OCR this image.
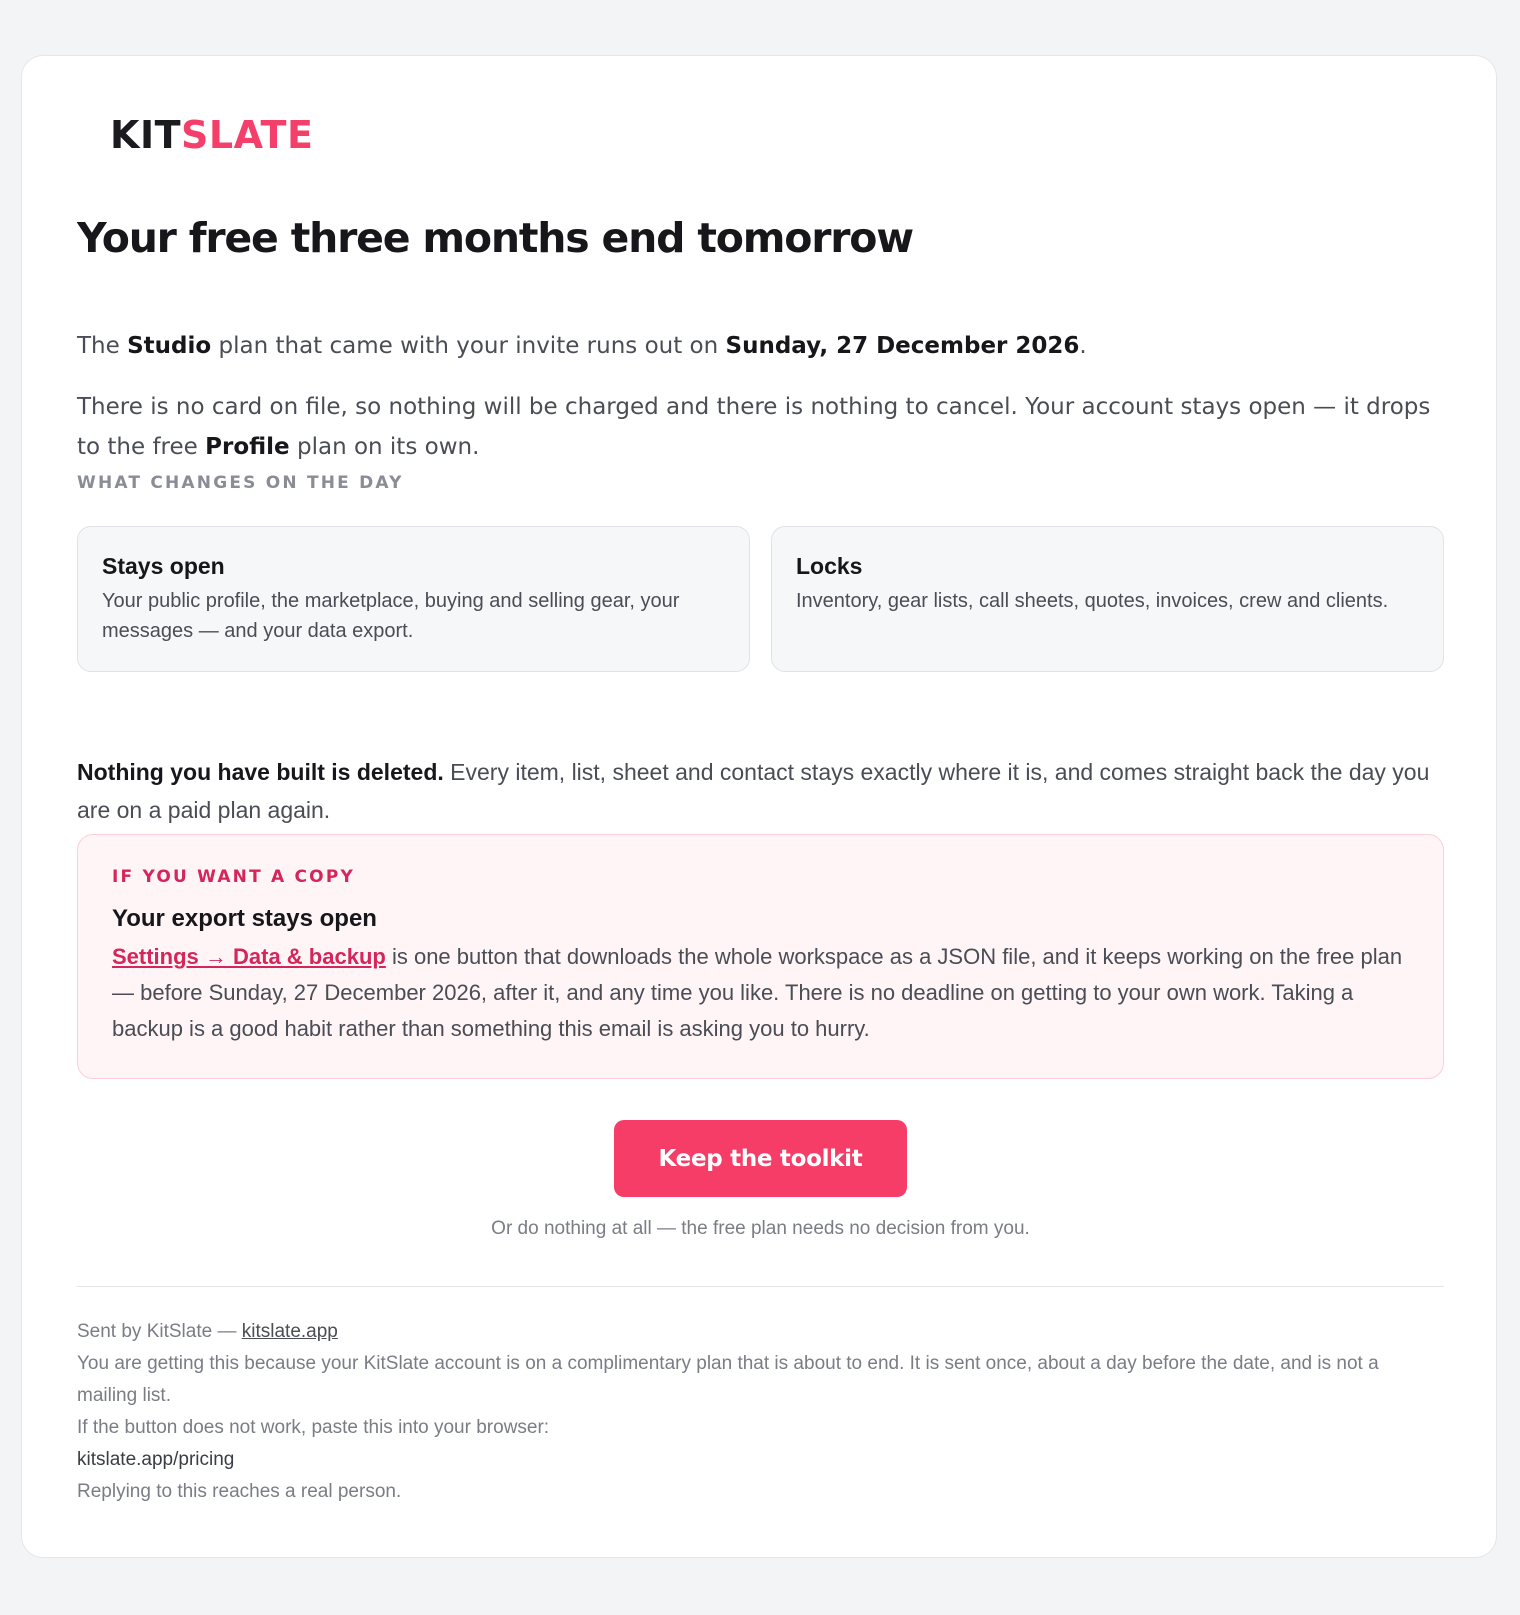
KITSLATE
Your free three months end tomorrow

The Studio plan that came with your invite runs out on Sunday, 27 December 2026.

There is no card on file, so nothing will be charged and there is nothing to cancel. Your account stays open — it drops to the free Profile plan on its own.

WHAT CHANGES ON THE DAY
Stays open
Your public profile, the marketplace, buying and selling gear, your messages — and your data export.
Locks
Inventory, gear lists, call sheets, quotes, invoices, crew and clients.

Nothing you have built is deleted. Every item, list, sheet and contact stays exactly where it is, and comes straight back the day you are on a paid plan again.

IF YOU WANT A COPY
Your export stays open
Settings → Data & backup is one button that downloads the whole workspace as a JSON file, and it keeps working on the free plan — before Sunday, 27 December 2026, after it, and any time you like. There is no deadline on getting to your own work. Taking a backup is a good habit rather than something this email is asking you to hurry.
Keep the toolkit
Or do nothing at all — the free plan needs no decision from you.
Sent by KitSlate — kitslate.app
You are getting this because your KitSlate account is on a complimentary plan that is about to end. It is sent once, about a day before the date, and is not a mailing list.
If the button does not work, paste this into your browser:
kitslate.app/pricing
Replying to this reaches a real person.
